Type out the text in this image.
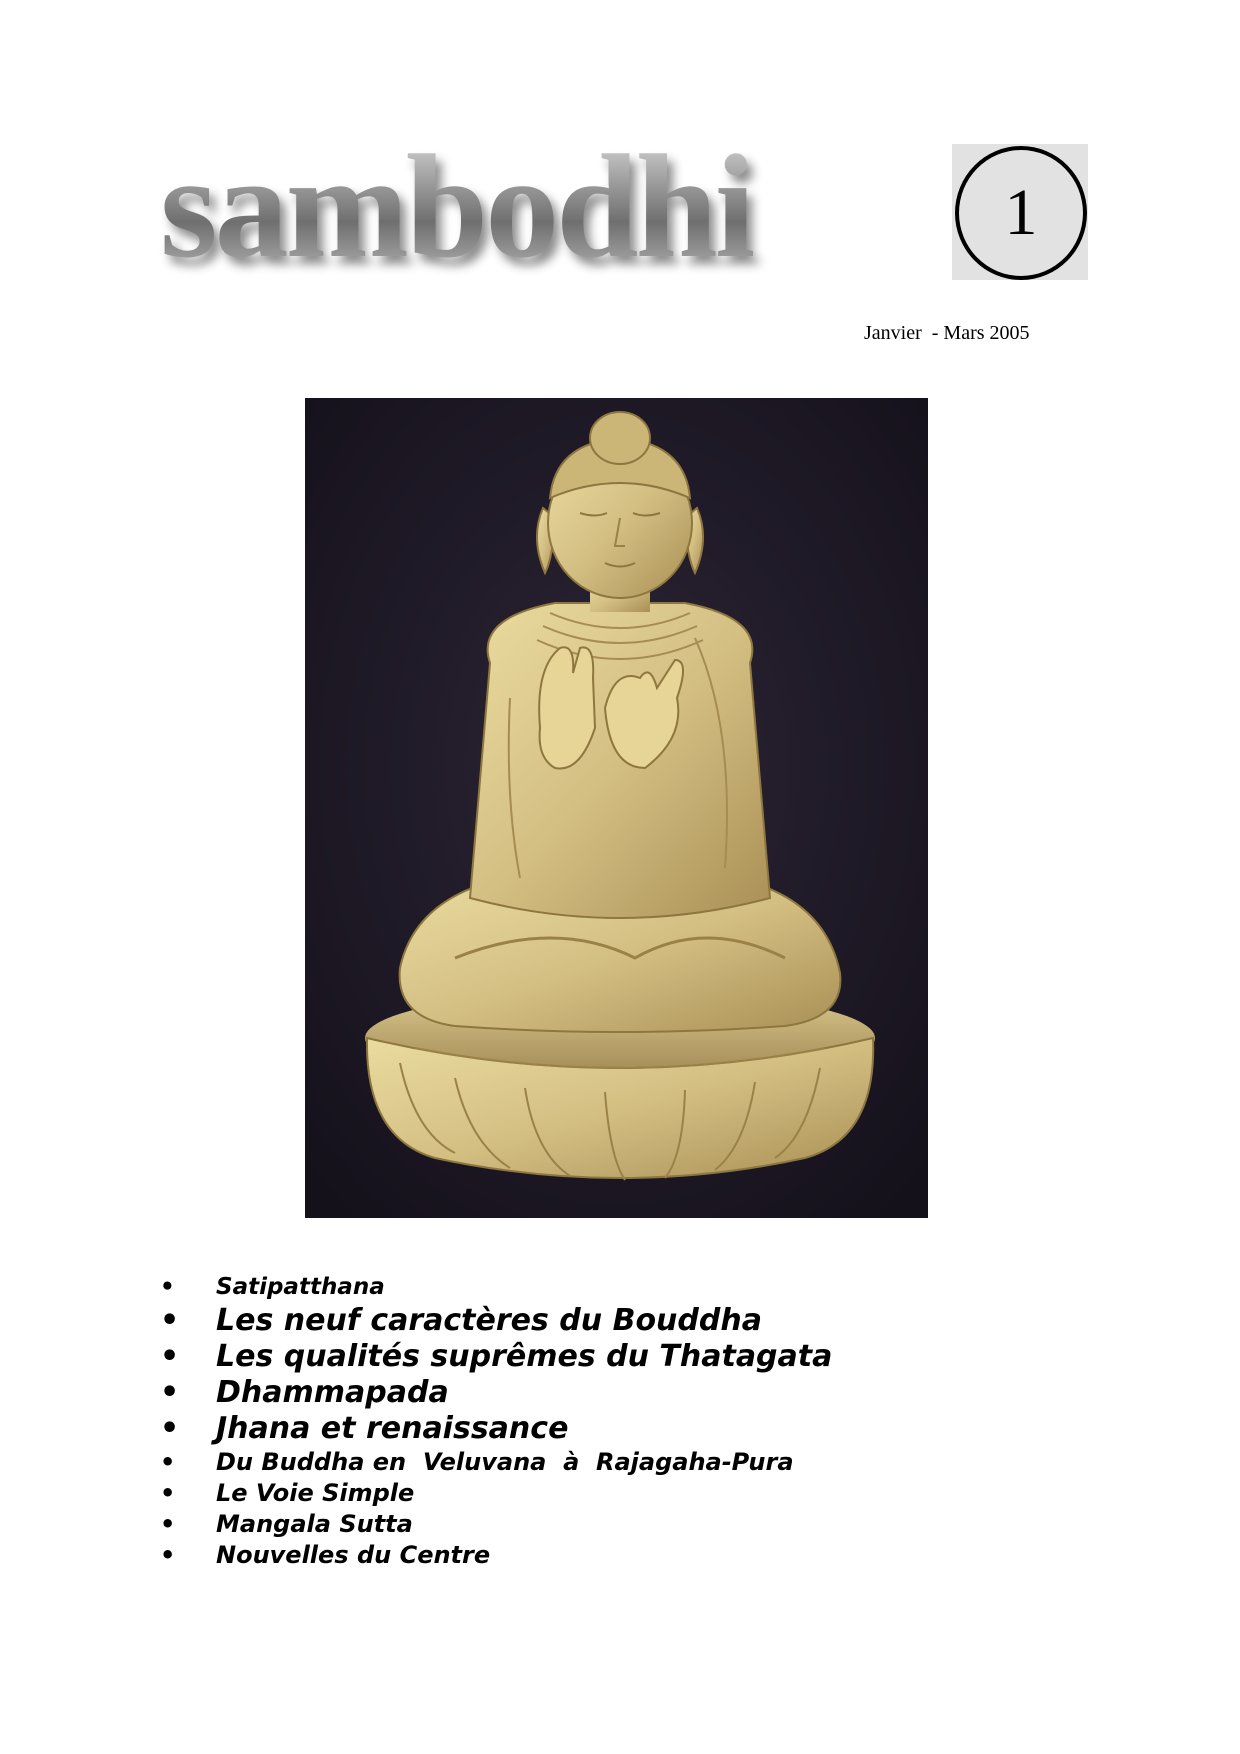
sambodhi	1
Janvier  - Mars 2005
• Satipatthana
• Les neuf caractères du Bouddha
• Les qualités suprêmes du Thatagata
• Dhammapada
• Jhana et renaissance
• Du Buddha en  Veluvana  à  Rajagaha-Pura
• Le Voie Simple
• Mangala Sutta
• Nouvelles du Centre
